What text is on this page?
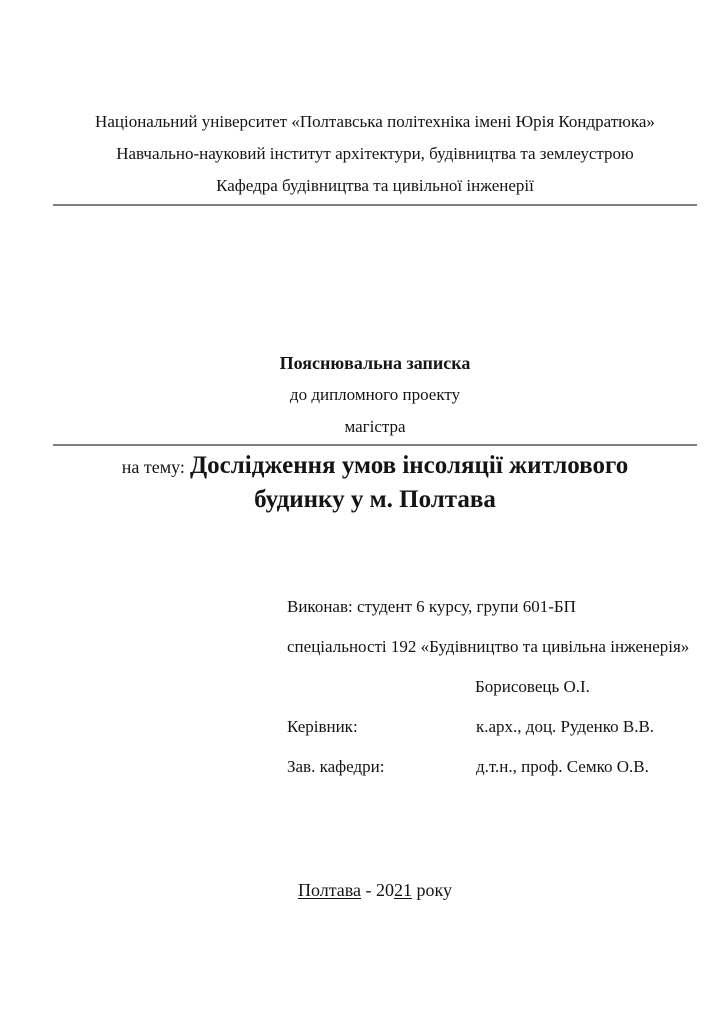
Національний університет «Полтавська політехніка імені Юрія Кондратюка»
Навчально-науковий інститут архітектури, будівництва та землеустрою
Кафедра будівництва та цивільної інженерії
Пояснювальна записка
до дипломного проекту
магістра
на тему: Дослідження умов інсоляції житлового
будинку у м. Полтава
Виконав: студент 6 курсу, групи 601-БП
спеціальності 192 «Будівництво та цивільна інженерія»
Борисовець О.І.
Керівник:	к.арх., доц. Руденко В.В.
Зав. кафедри:	д.т.н., проф. Семко О.В.
Полтава - 2021 року
